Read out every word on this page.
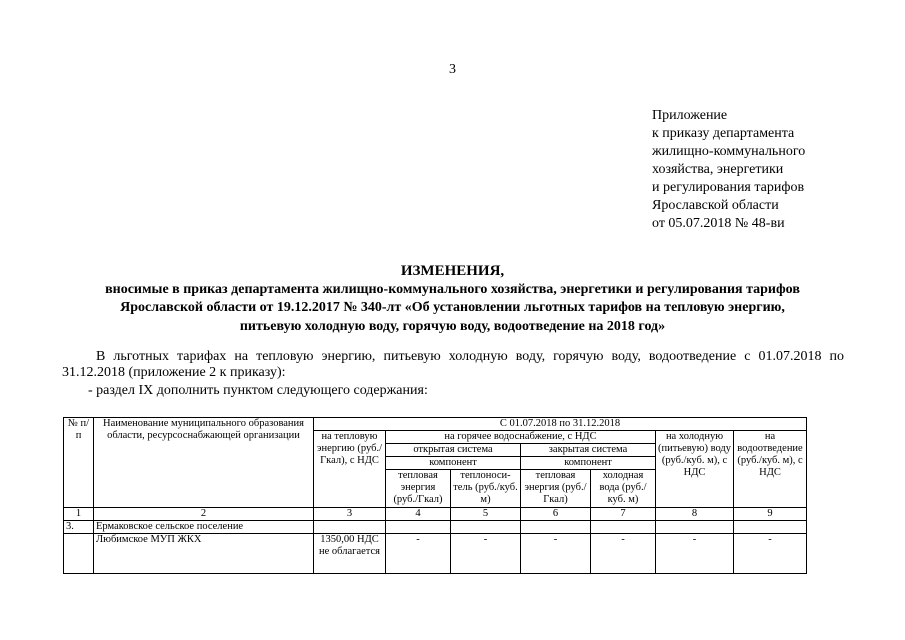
3
Приложение
к приказу департамента
жилищно-коммунального
хозяйства, энергетики
и регулирования тарифов
Ярославской области
от 05.07.2018 № 48-ви
ИЗМЕНЕНИЯ,
вносимые в приказ департамента жилищно-коммунального хозяйства, энергетики и регулирования тарифов
Ярославской области от 19.12.2017 № 340-лт «Об установлении льготных тарифов на тепловую энергию,
питьевую холодную воду, горячую воду, водоотведение на 2018 год»
В льготных тарифах на тепловую энергию, питьевую холодную воду, горячую воду, водоотведение с 01.07.2018 по 31.12.2018 (приложение 2 к приказу):
- раздел IX дополнить пунктом следующего содержания:
№ п/п	Наименование муниципального образования области, ресурсоснабжающей организации	С 01.07.2018 по 31.12.2018						
		на тепловую энергию (руб./Гкал), с НДС	на горячее водоснабжение, с НДС				на холодную (питьевую) воду (руб./куб. м), с НДС	на водоотведение (руб./куб. м), с НДС
			открытая система		закрытая система			
			компонент		компонент			
			тепловая энергия (руб./Гкал)	теплоноси-тель (руб./куб. м)	тепловая энергия (руб./Гкал)	холодная вода (руб./куб. м)		
1	2	3	4	5	6	7	8	9
3.	Ермаковское сельское поселение							
	Любимское МУП ЖКХ	1350,00 НДС не облагается	-	-	-	-	-	-
